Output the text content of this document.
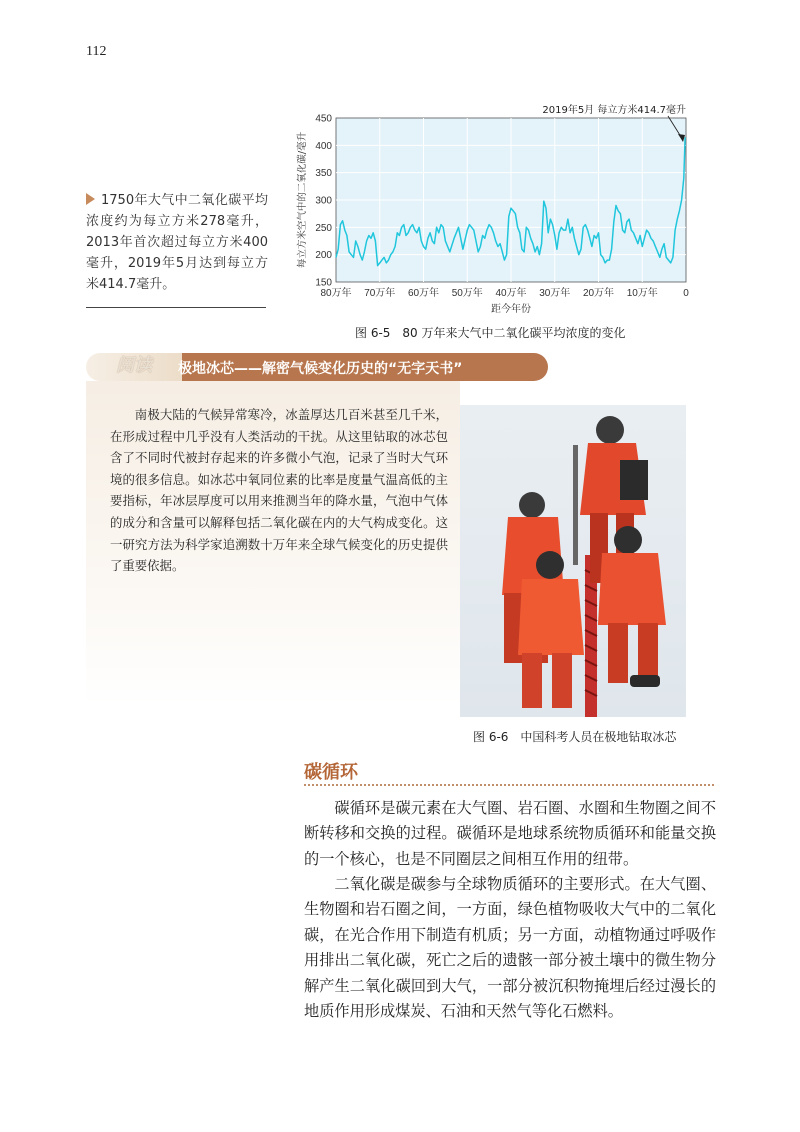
112
1750年大气中二氧化碳平均浓度约为每立方米278毫升，2013年首次超过每立方米400毫升，2019年5月达到每立方米414.7毫升。
80万年 70万年 60万年 50万年 40万年 30万年 20万年 10万年	0
150
200
250
300
350
400
450
每立方米空气中的二氧化碳/毫升
距今年份
2019年5月 每立方米414.7毫升
图 6-5　80 万年来大气中二氧化碳平均浓度的变化
阅读 极地冰芯——解密气候变化历史的“无字天书”
南极大陆的气候异常寒冷，冰盖厚达几百米甚至几千米，在形成过程中几乎没有人类活动的干扰。从这里钻取的冰芯包含了不同时代被封存起来的许多微小气泡，记录了当时大气环境的很多信息。如冰芯中氧同位素的比率是度量气温高低的主要指标，年冰层厚度可以用来推测当年的降水量，气泡中气体的成分和含量可以解释包括二氧化碳在内的大气构成变化。这一研究方法为科学家追溯数十万年来全球气候变化的历史提供了重要依据。
图 6-6　中国科考人员在极地钻取冰芯
碳循环
碳循环是碳元素在大气圈、岩石圈、水圈和生物圈之间不断转移和交换的过程。碳循环是地球系统物质循环和能量交换的一个核心，也是不同圈层之间相互作用的纽带。
二氧化碳是碳参与全球物质循环的主要形式。在大气圈、生物圈和岩石圈之间，一方面，绿色植物吸收大气中的二氧化碳，在光合作用下制造有机质；另一方面，动植物通过呼吸作用排出二氧化碳，死亡之后的遗骸一部分被土壤中的微生物分解产生二氧化碳回到大气，一部分被沉积物掩埋后经过漫长的地质作用形成煤炭、石油和天然气等化石燃料。
